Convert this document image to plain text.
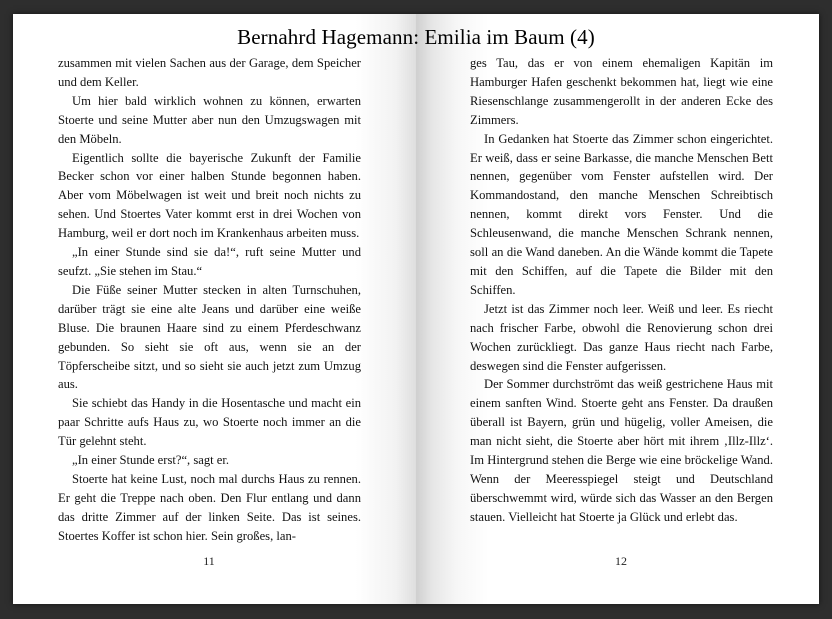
Bernahrd Hagemann: Emilia im Baum (4)

zusammen mit vielen Sachen aus der Garage, dem Speicher und dem Keller.

Um hier bald wirklich wohnen zu können, erwarten Stoerte und seine Mutter aber nun den Umzugswagen mit den Möbeln.

Eigentlich sollte die bayerische Zukunft der Familie Becker schon vor einer halben Stunde begonnen haben. Aber vom Möbelwagen ist weit und breit noch nichts zu sehen. Und Stoertes Vater kommt erst in drei Wochen von Hamburg, weil er dort noch im Krankenhaus arbeiten muss.

„In einer Stunde sind sie da!“, ruft seine Mutter und seufzt. „Sie stehen im Stau.“

Die Füße seiner Mutter stecken in alten Turnschuhen, darüber trägt sie eine alte Jeans und darüber eine weiße Bluse. Die braunen Haare sind zu einem Pferdeschwanz gebunden. So sieht sie oft aus, wenn sie an der Töpferscheibe sitzt, und so sieht sie auch jetzt zum Umzug aus.

Sie schiebt das Handy in die Hosentasche und macht ein paar Schritte aufs Haus zu, wo Stoerte noch immer an die Tür gelehnt steht.

„In einer Stunde erst?“, sagt er.

Stoerte hat keine Lust, noch mal durchs Haus zu rennen. Er geht die Treppe nach oben. Den Flur entlang und dann das dritte Zimmer auf der linken Seite. Das ist seines. Stoertes Koffer ist schon hier. Sein großes, lan-

ges Tau, das er von einem ehemaligen Kapitän im Hamburger Hafen geschenkt bekommen hat, liegt wie eine Riesenschlange zusammengerollt in der anderen Ecke des Zimmers.

In Gedanken hat Stoerte das Zimmer schon eingerichtet. Er weiß, dass er seine Barkasse, die manche Menschen Bett nennen, gegenüber vom Fenster aufstellen wird. Der Kommandostand, den manche Menschen Schreibtisch nennen, kommt direkt vors Fenster. Und die Schleusenwand, die manche Menschen Schrank nennen, soll an die Wand daneben. An die Wände kommt die Tapete mit den Schiffen, auf die Tapete die Bilder mit den Schiffen.

Jetzt ist das Zimmer noch leer. Weiß und leer. Es riecht nach frischer Farbe, obwohl die Renovierung schon drei Wochen zurückliegt. Das ganze Haus riecht nach Farbe, deswegen sind die Fenster aufgerissen.

Der Sommer durchströmt das weiß gestrichene Haus mit einem sanften Wind. Stoerte geht ans Fenster. Da draußen überall ist Bayern, grün und hügelig, voller Ameisen, die man nicht sieht, die Stoerte aber hört mit ihrem ‚Illz-Illz‘. Im Hintergrund stehen die Berge wie eine bröckelige Wand. Wenn der Meeresspiegel steigt und Deutschland überschwemmt wird, würde sich das Wasser an den Bergen stauen. Vielleicht hat Stoerte ja Glück und erlebt das.

11	12
